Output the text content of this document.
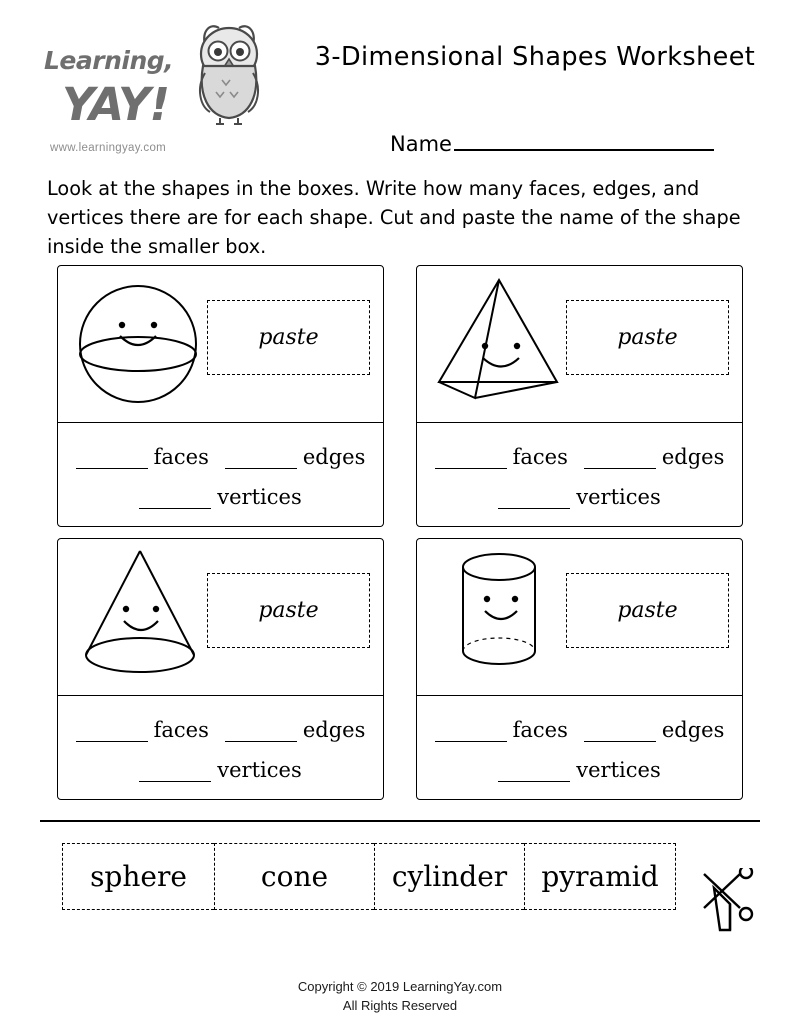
Learning,
YAY!
www.learningyay.com
3-Dimensional Shapes Worksheet
Name
Look at the shapes in the boxes. Write how many faces, edges, and vertices there are for each shape. Cut and paste the name of the shape inside the smaller box.
paste
faces	edges
vertices
paste
faces	edges
vertices
paste
faces	edges
vertices
paste
faces	edges
vertices
sphere	cone	cylinder	pyramid
Copyright © 2019 LearningYay.com
All Rights Reserved
